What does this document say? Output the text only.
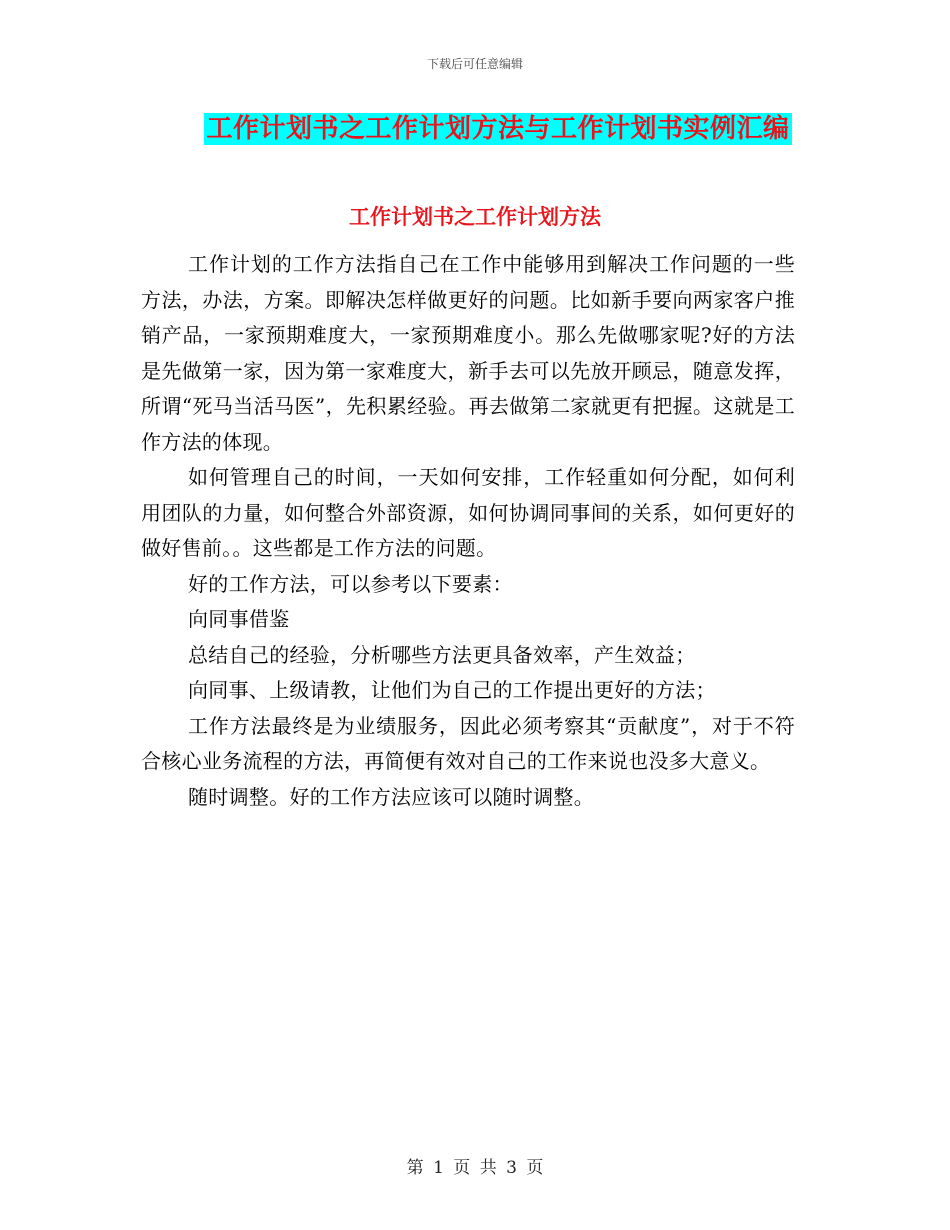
下载后可任意编辑
工作计划书之工作计划方法与工作计划书实例汇编
工作计划书之工作计划方法

工作计划的工作方法指自己在工作中能够用到解决工作问题的一些方法，办法，方案。即解决怎样做更好的问题。比如新手要向两家客户推销产品，一家预期难度大，一家预期难度小。那么先做哪家呢?好的方法是先做第一家，因为第一家难度大，新手去可以先放开顾忌，随意发挥，所谓“死马当活马医”，先积累经验。再去做第二家就更有把握。这就是工作方法的体现。

如何管理自己的时间，一天如何安排，工作轻重如何分配，如何利用团队的力量，如何整合外部资源，如何协调同事间的关系，如何更好的做好售前。。这些都是工作方法的问题。

好的工作方法，可以参考以下要素：

向同事借鉴

总结自己的经验，分析哪些方法更具备效率，产生效益；

向同事、上级请教，让他们为自己的工作提出更好的方法；

工作方法最终是为业绩服务，因此必须考察其“贡献度”，对于不符合核心业务流程的方法，再简便有效对自己的工作来说也没多大意义。

随时调整。好的工作方法应该可以随时调整。

第 1 页 共 3 页
